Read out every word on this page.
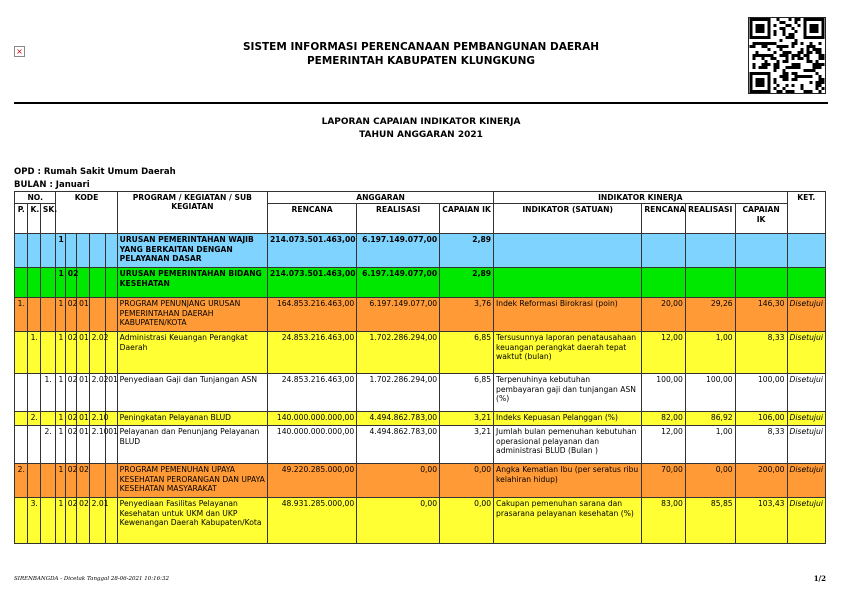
×	SISTEM INFORMASI PERENCANAAN PEMBANGUNAN DAERAH
PEMERINTAH KABUPATEN KLUNGKUNG
LAPORAN CAPAIAN INDIKATOR KINERJA
TAHUN ANGGARAN 2021
OPD : Rumah Sakit Umum Daerah
BULAN : Januari
NO.			KODE					PROGRAM / KEGIATAN / SUB KEGIATAN	ANGGARAN			INDIKATOR KINERJA				KET.
P.	K.	SK.							RENCANA	REALISASI	CAPAIAN IK	INDIKATOR (SATUAN)	RENCANA	REALISASI	CAPAIAN IK	
			1					URUSAN PEMERINTAHAN WAJIB YANG BERKAITAN DENGAN PELAYANAN DASAR	214.073.501.463,00	6.197.149.077,00	2,89					
			1	02				URUSAN PEMERINTAHAN BIDANG KESEHATAN	214.073.501.463,00	6.197.149.077,00	2,89					
1.			1	02	01			PROGRAM PENUNJANG URUSAN PEMERINTAHAN DAERAH KABUPATEN/KOTA	164.853.216.463,00	6.197.149.077,00	3,76	Indek Reformasi Birokrasi (poin)	20,00	29,26	146,30	Disetujui
	1.		1	02	01	2.02		Administrasi Keuangan Perangkat Daerah	24.853.216.463,00	1.702.286.294,00	6,85	Tersusunnya laporan penatausahaan keuangan perangkat daerah tepat waktut (bulan)	12,00	1,00	8,33	Disetujui
		1.	1	02	01	2.02	01	Penyediaan Gaji dan Tunjangan ASN	24.853.216.463,00	1.702.286.294,00	6,85	Terpenuhinya kebutuhan pembayaran gaji dan tunjangan ASN (%)	100,00	100,00	100,00	Disetujui
	2.		1	02	01	2.10		Peningkatan Pelayanan BLUD	140.000.000.000,00	4.494.862.783,00	3,21	Indeks Kepuasan Pelanggan (%)	82,00	86,92	106,00	Disetujui
		2.	1	02	01	2.10	01	Pelayanan dan Penunjang Pelayanan BLUD	140.000.000.000,00	4.494.862.783,00	3,21	Jumlah bulan pemenuhan kebutuhan operasional pelayanan dan administrasi BLUD (Bulan )	12,00	1,00	8,33	Disetujui
2.			1	02	02			PROGRAM PEMENUHAN UPAYA KESEHATAN PERORANGAN DAN UPAYA KESEHATAN MASYARAKAT	49.220.285.000,00	0,00	0,00	Angka Kematian Ibu (per seratus ribu kelahiran hidup)	70,00	0,00	200,00	Disetujui
	3.		1	02	02	2.01		Penyediaan Fasilitas Pelayanan Kesehatan untuk UKM dan UKP Kewenangan Daerah Kabupaten/Kota	48.931.285.000,00	0,00	0,00	Cakupan pemenuhan sarana dan prasarana pelayanan kesehatan (%)	83,00	85,85	103,43	Disetujui
SIRENBANGDA - Dicetak Tanggal 28-06-2021 10:16:32	1/2
